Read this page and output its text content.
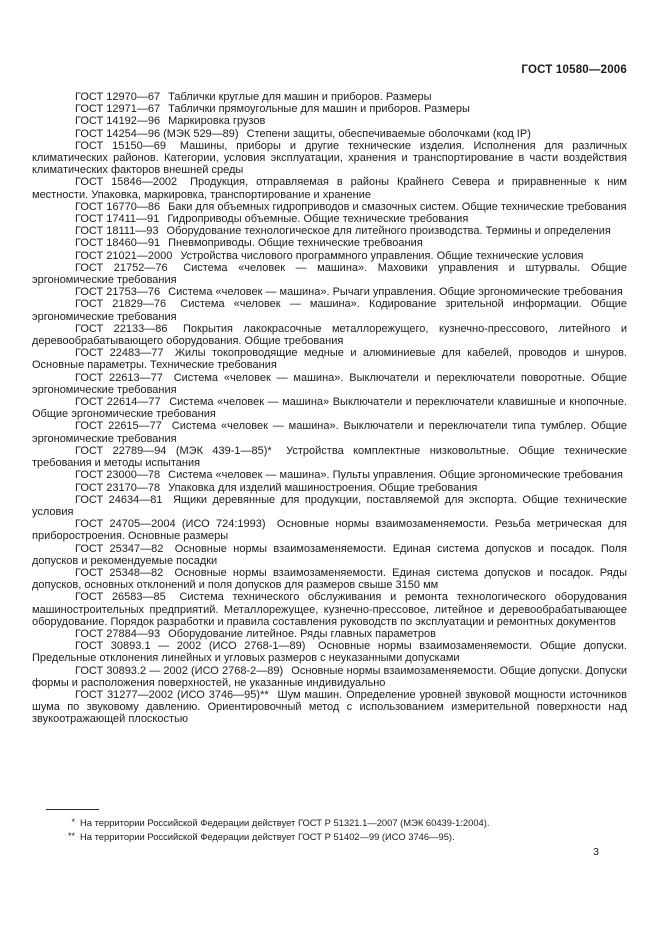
ГОСТ 10580—2006

ГОСТ 12970—67 Таблички круглые для машин и приборов. Размеры

ГОСТ 12971—67 Таблички прямоугольные для машин и приборов. Размеры

ГОСТ 14192—96 Маркировка грузов

ГОСТ 14254—96 (МЭК 529—89) Степени защиты, обеспечиваемые оболочками (код IP)

ГОСТ 15150—69 Машины, приборы и другие технические изделия. Исполнения для различных климатических районов. Категории, условия эксплуатации, хранения и транспортирование в части воздействия климатических факторов внешней среды

ГОСТ 15846—2002 Продукция, отправляемая в районы Крайнего Севера и приравненные к ним местности. Упаковка, маркировка, транспортирование и хранение

ГОСТ 16770—86 Баки для объемных гидроприводов и смазочных систем. Общие технические требования

ГОСТ 17411—91 Гидроприводы объемные. Общие технические требования

ГОСТ 18111—93 Оборудование технологическое для литейного производства. Термины и определения

ГОСТ 18460—91 Пневмоприводы. Общие технические требвоания

ГОСТ 21021—2000 Устройства числового программного управления. Общие технические условия

ГОСТ 21752—76 Система «человек — машина». Маховики управления и штурвалы. Общие эргономические требования

ГОСТ 21753—76 Система «человек — машина». Рычаги управления. Общие эргономические требования

ГОСТ 21829—76 Система «человек — машина». Кодирование зрительной информации. Общие эргономические требования

ГОСТ 22133—86 Покрытия лакокрасочные металлорежущего, кузнечно-прессового, литейного и деревообрабатывающего оборудования. Общие требования

ГОСТ 22483—77 Жилы токопроводящие медные и алюминиевые для кабелей, проводов и шнуров. Основные параметры. Технические требования

ГОСТ 22613—77 Система «человек — машина». Выключатели и переключатели поворотные. Общие эргономические требования

ГОСТ 22614—77 Система «человек — машина» Выключатели и переключатели клавишные и кнопочные. Общие эргономические требования

ГОСТ 22615—77 Система «человек — машина». Выключатели и переключатели типа тумблер. Общие эргономические требования

ГОСТ 22789—94 (МЭК 439-1—85)* Устройства комплектные низковольтные. Общие технические требования и методы испытания

ГОСТ 23000—78 Система «человек — машина». Пульты управления. Общие эргономические требования

ГОСТ 23170—78 Упаковка для изделий машиностроения. Общие требования

ГОСТ 24634—81 Ящики деревянные для продукции, поставляемой для экспорта. Общие технические условия

ГОСТ 24705—2004 (ИСО 724:1993) Основные нормы взаимозаменяемости. Резьба метрическая для приборостроения. Основные размеры

ГОСТ 25347—82 Основные нормы взаимозаменяемости. Единая система допусков и посадок. Поля допусков и рекомендуемые посадки

ГОСТ 25348—82 Основные нормы взаимозаменяемости. Единая система допусков и посадок. Ряды допусков, основных отклонений и поля допусков для размеров свыше 3150 мм

ГОСТ 26583—85 Система технического обслуживания и ремонта технологического оборудования машиностроительных предприятий. Металлорежущее, кузнечно-прессовое, литейное и деревообрабатывающее оборудование. Порядок разработки и правила составления руководств по эксплуатации и ремонтных документов

ГОСТ 27884—93 Оборудование литейное. Ряды главных параметров

ГОСТ 30893.1 — 2002 (ИСО 2768-1—89) Основные нормы взаимозаменяемости. Общие допуски. Предельные отклонения линейных и угловых размеров с неуказанными допусками

ГОСТ 30893.2 — 2002 (ИСО 2768-2—89) Основные нормы взаимозаменяемости. Общие допуски. Допуски формы и расположения поверхностей, не указанные индивидуально

ГОСТ 31277—2002 (ИСО 3746—95)** Шум машин. Определение уровней звуковой мощности источников шума по звуковому давлению. Ориентировочный метод с использованием измерительной поверхности над звукоотражающей плоскостью

* На территории Российской Федерации действует ГОСТ Р 51321.1—2007 (МЭК 60439-1:2004).

** На территории Российской Федерации действует ГОСТ Р 51402—99 (ИСО 3746—95).

3
